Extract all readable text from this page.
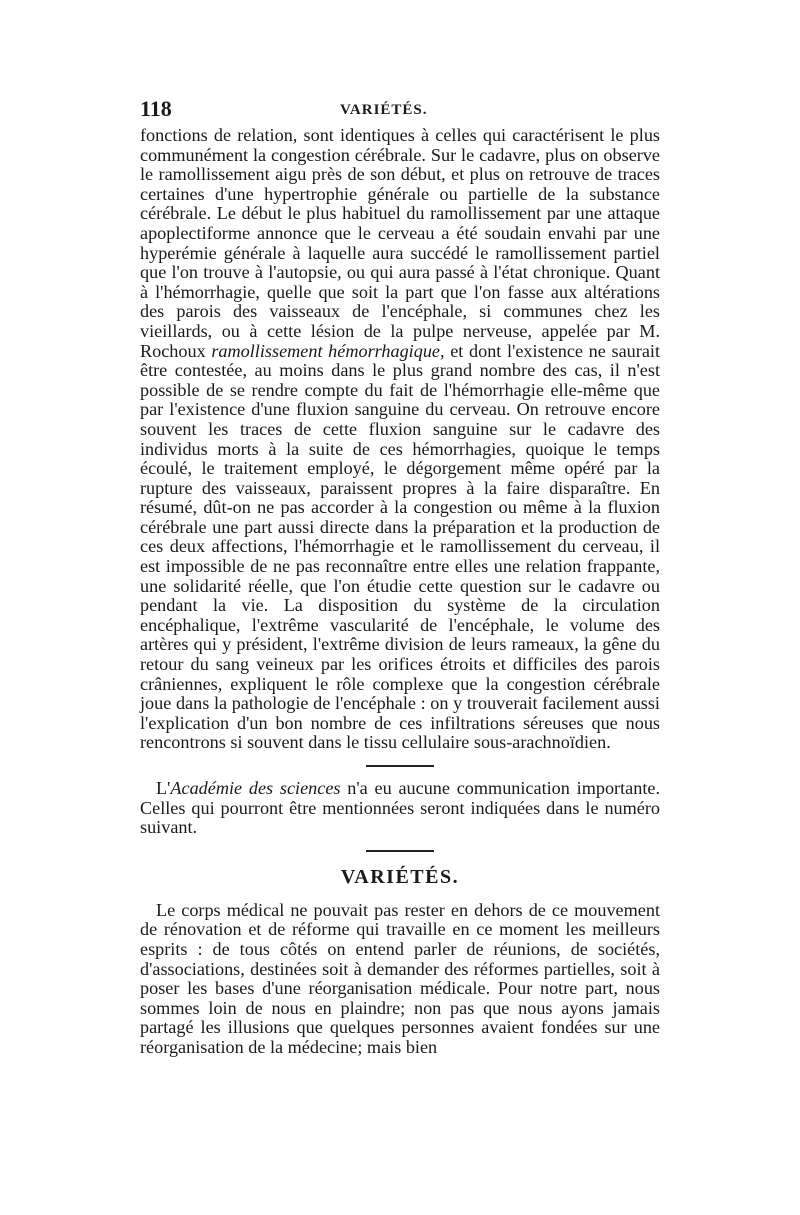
118	VARIÉTÉS.

fonctions de relation, sont identiques à celles qui caractérisent le plus communément la congestion cérébrale. Sur le cadavre, plus on observe le ramollissement aigu près de son début, et plus on retrouve de traces certaines d'une hypertrophie générale ou partielle de la substance cérébrale. Le début le plus habituel du ramollissement par une attaque apoplectiforme annonce que le cerveau a été soudain envahi par une hyperémie générale à laquelle aura succédé le ramollissement partiel que l'on trouve à l'autopsie, ou qui aura passé à l'état chronique. Quant à l'hémorrhagie, quelle que soit la part que l'on fasse aux altérations des parois des vaisseaux de l'encéphale, si communes chez les vieillards, ou à cette lésion de la pulpe nerveuse, appelée par M. Rochoux ramollissement hémorrhagique, et dont l'existence ne saurait être contestée, au moins dans le plus grand nombre des cas, il n'est possible de se rendre compte du fait de l'hémorrhagie elle-même que par l'existence d'une fluxion sanguine du cerveau. On retrouve encore souvent les traces de cette fluxion sanguine sur le cadavre des individus morts à la suite de ces hémorrhagies, quoique le temps écoulé, le traitement employé, le dégorgement même opéré par la rupture des vaisseaux, paraissent propres à la faire disparaître. En résumé, dût-on ne pas accorder à la congestion ou même à la fluxion cérébrale une part aussi directe dans la préparation et la production de ces deux affections, l'hémorrhagie et le ramollissement du cerveau, il est impossible de ne pas reconnaître entre elles une relation frappante, une solidarité réelle, que l'on étudie cette question sur le cadavre ou pendant la vie. La disposition du système de la circulation encéphalique, l'extrême vascularité de l'encéphale, le volume des artères qui y président, l'extrême division de leurs rameaux, la gêne du retour du sang veineux par les orifices étroits et difficiles des parois crâniennes, expliquent le rôle complexe que la congestion cérébrale joue dans la pathologie de l'encéphale : on y trouverait facilement aussi l'explication d'un bon nombre de ces infiltrations séreuses que nous rencontrons si souvent dans le tissu cellulaire sous-arachnoïdien.

L'Académie des sciences n'a eu aucune communication importante. Celles qui pourront être mentionnées seront indiquées dans le numéro suivant.

VARIÉTÉS.

Le corps médical ne pouvait pas rester en dehors de ce mouvement de rénovation et de réforme qui travaille en ce moment les meilleurs esprits : de tous côtés on entend parler de réunions, de sociétés, d'associations, destinées soit à demander des réformes partielles, soit à poser les bases d'une réorganisation médicale. Pour notre part, nous sommes loin de nous en plaindre; non pas que nous ayons jamais partagé les illusions que quelques personnes avaient fondées sur une réorganisation de la médecine; mais bien
